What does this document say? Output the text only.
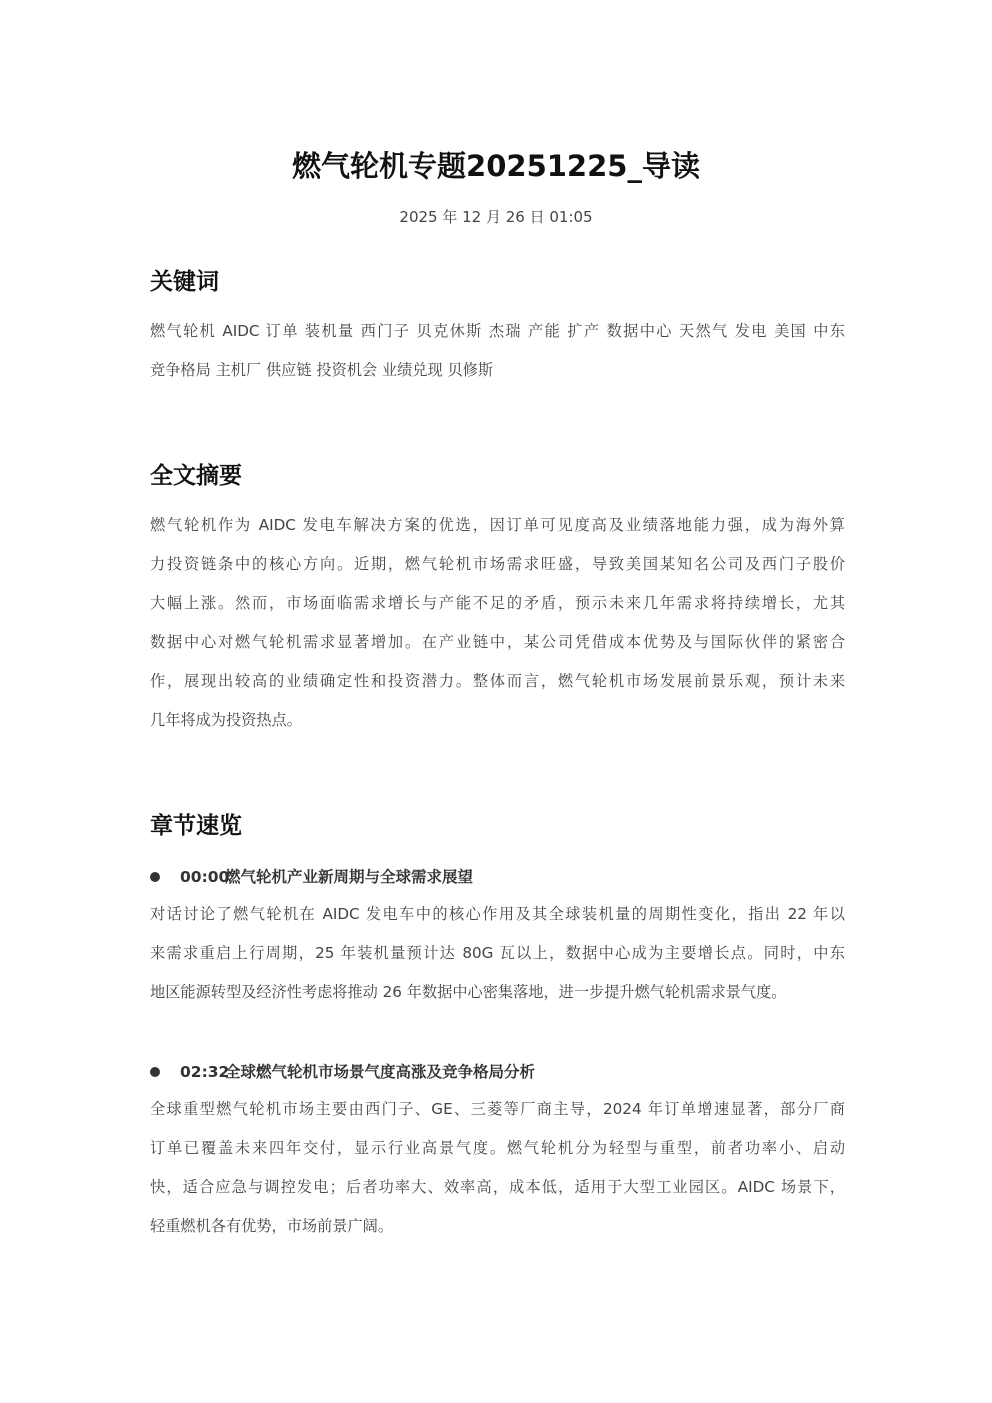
燃气轮机专题20251225_导读
2025 年 12 月 26 日 01:05
关键词
燃气轮机 AIDC 订单 装机量 西门子 贝克休斯 杰瑞 产能 扩产 数据中心 天然气 发电 美国 中东
竞争格局 主机厂 供应链 投资机会 业绩兑现 贝修斯
全文摘要
燃气轮机作为 AIDC 发电车解决方案的优选，因订单可见度高及业绩落地能力强，成为海外算
力投资链条中的核心方向。近期，燃气轮机市场需求旺盛，导致美国某知名公司及西门子股价
大幅上涨。然而，市场面临需求增长与产能不足的矛盾，预示未来几年需求将持续增长，尤其
数据中心对燃气轮机需求显著增加。在产业链中，某公司凭借成本优势及与国际伙伴的紧密合
作，展现出较高的业绩确定性和投资潜力。整体而言，燃气轮机市场发展前景乐观，预计未来
几年将成为投资热点。
章节速览
00:00
燃气轮机产业新周期与全球需求展望
对话讨论了燃气轮机在 AIDC 发电车中的核心作用及其全球装机量的周期性变化，指出 22 年以
来需求重启上行周期，25 年装机量预计达 80G 瓦以上，数据中心成为主要增长点。同时，中东
地区能源转型及经济性考虑将推动 26 年数据中心密集落地，进一步提升燃气轮机需求景气度。
02:32
全球燃气轮机市场景气度高涨及竞争格局分析
全球重型燃气轮机市场主要由西门子、GE、三菱等厂商主导，2024 年订单增速显著，部分厂商
订单已覆盖未来四年交付，显示行业高景气度。燃气轮机分为轻型与重型，前者功率小、启动
快，适合应急与调控发电；后者功率大、效率高，成本低，适用于大型工业园区。AIDC 场景下，
轻重燃机各有优势，市场前景广阔。
